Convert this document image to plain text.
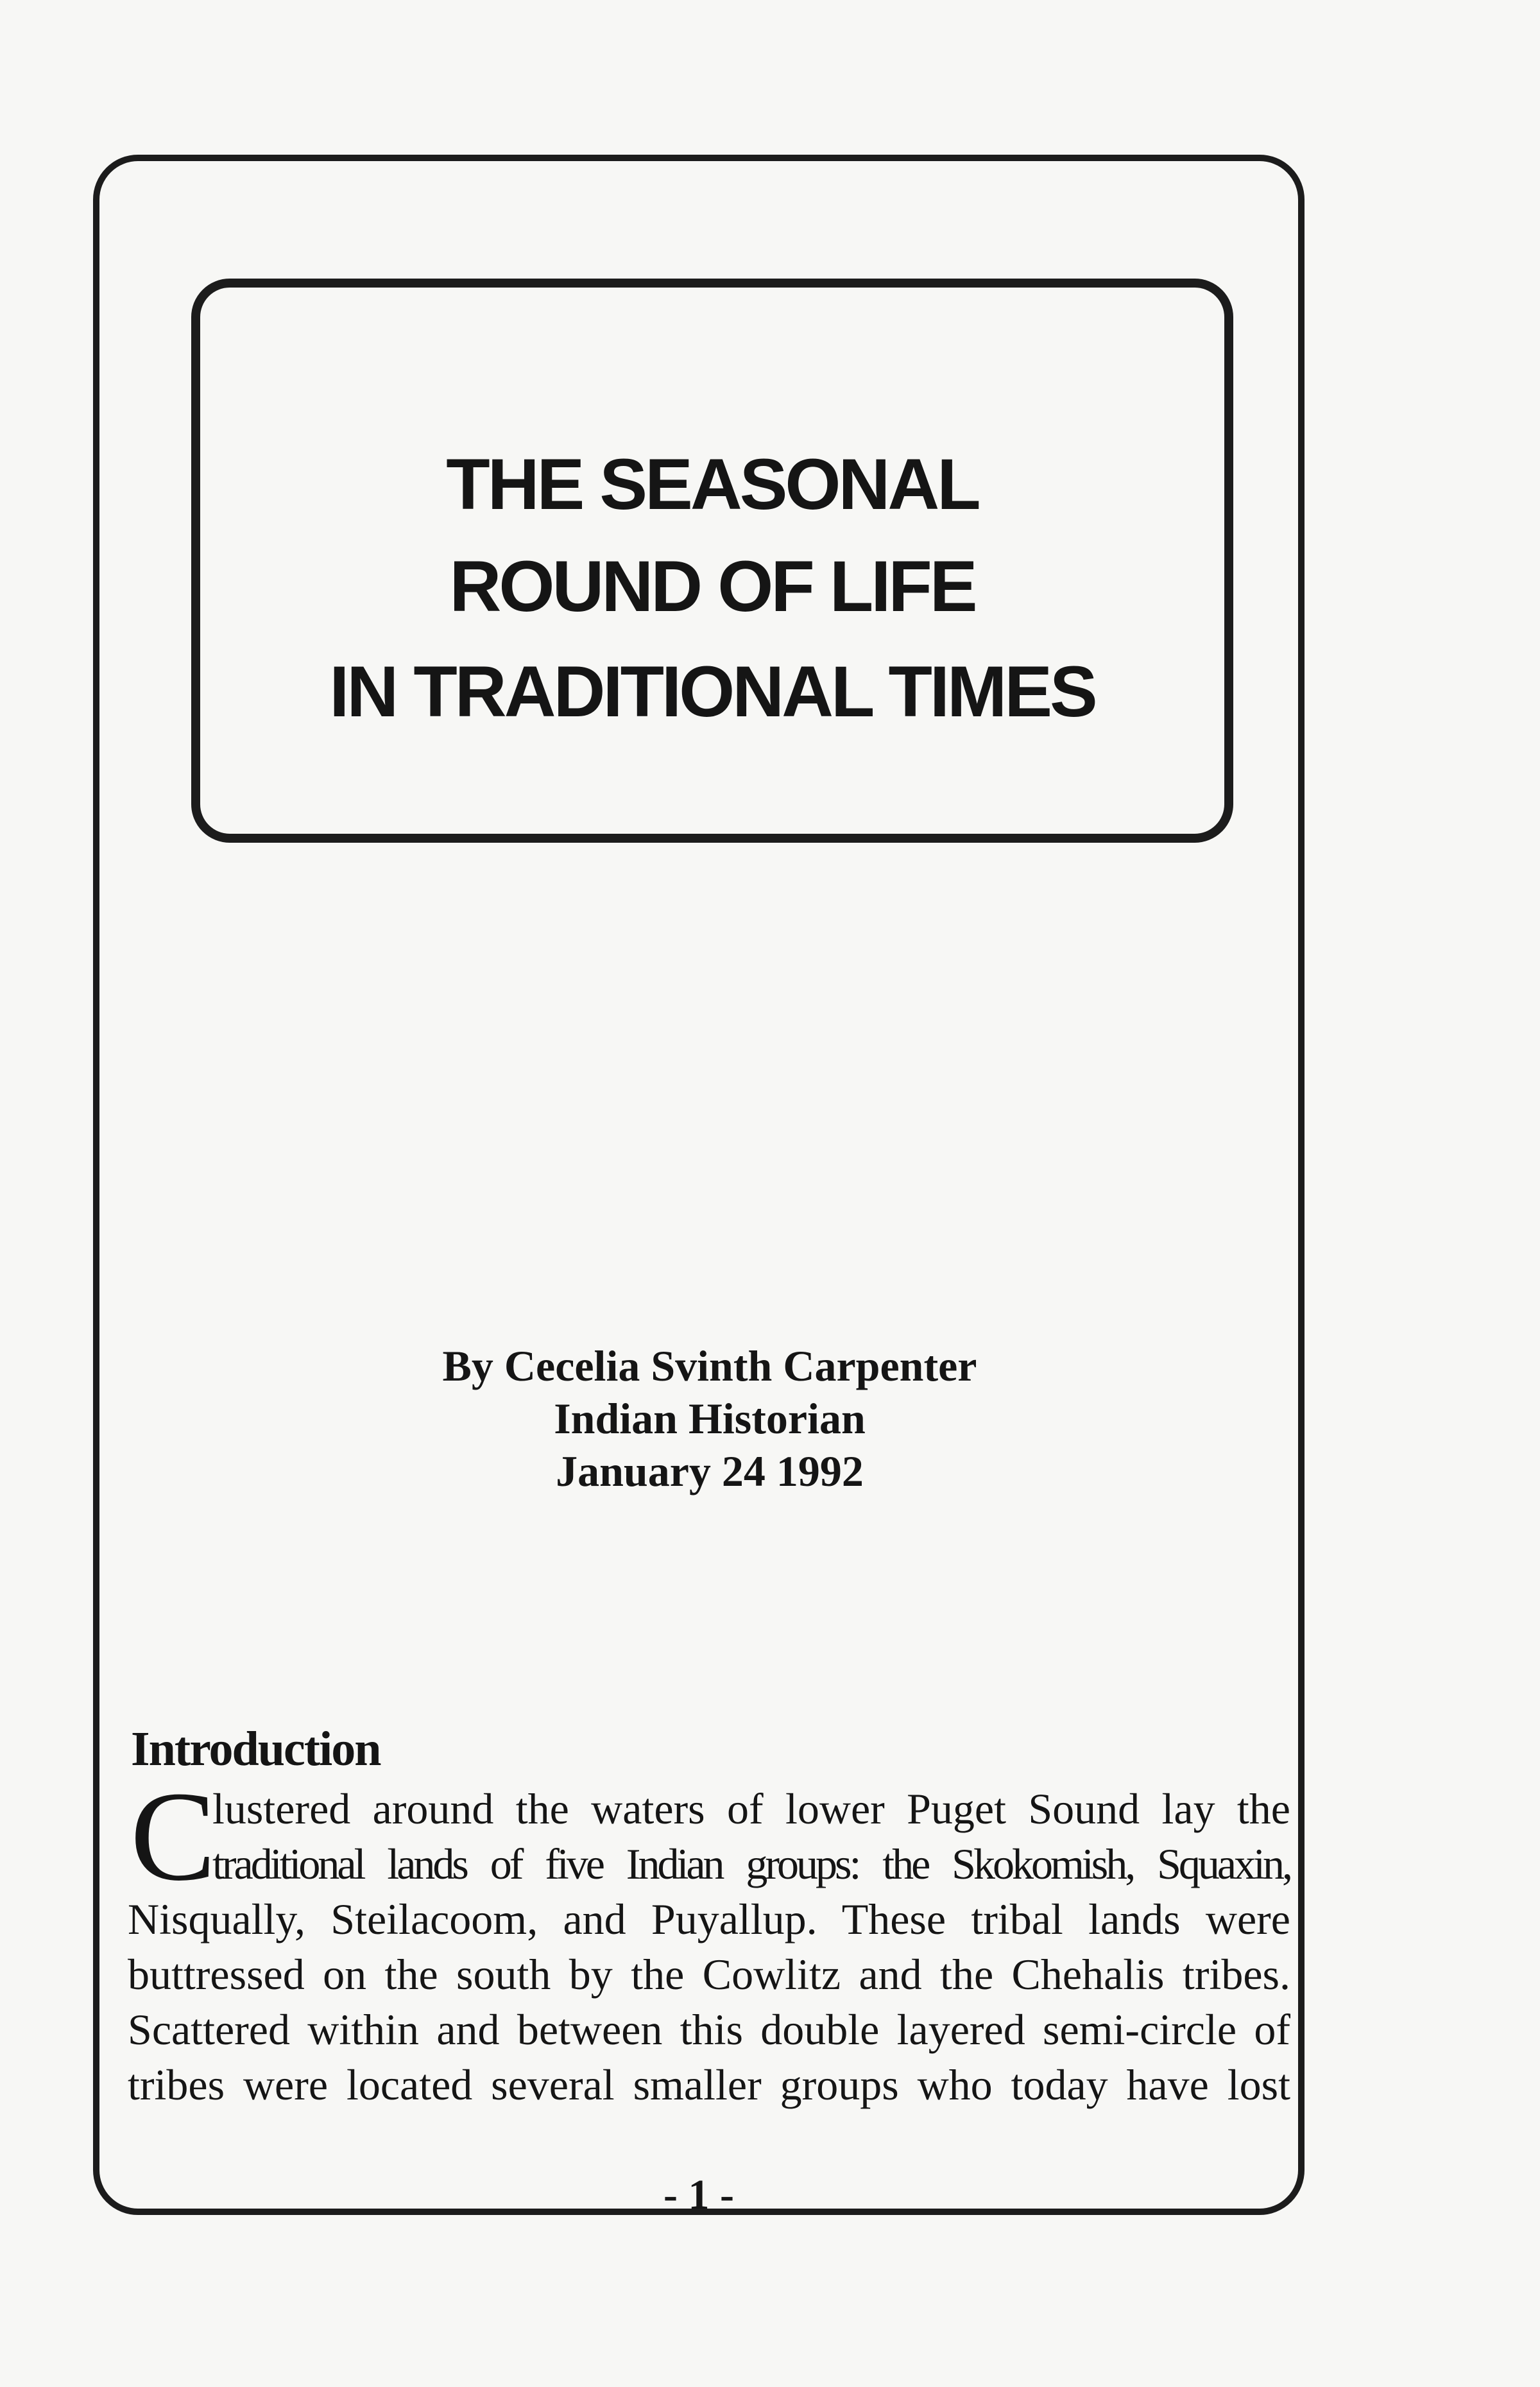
THE SEASONAL
ROUND OF LIFE
IN TRADITIONAL TIMES
By Cecelia Svinth Carpenter
Indian Historian
January 24 1992
Introduction
C
lustered around the waters of lower Puget Sound lay the
traditional lands of five Indian groups: the Skokomish, Squaxin,
Nisqually, Steilacoom, and Puyallup. These tribal lands were
buttressed on the south by the Cowlitz and the Chehalis tribes.
Scattered within and between this double layered semi-circle of
tribes were located several smaller groups who today have lost
- 1 -
